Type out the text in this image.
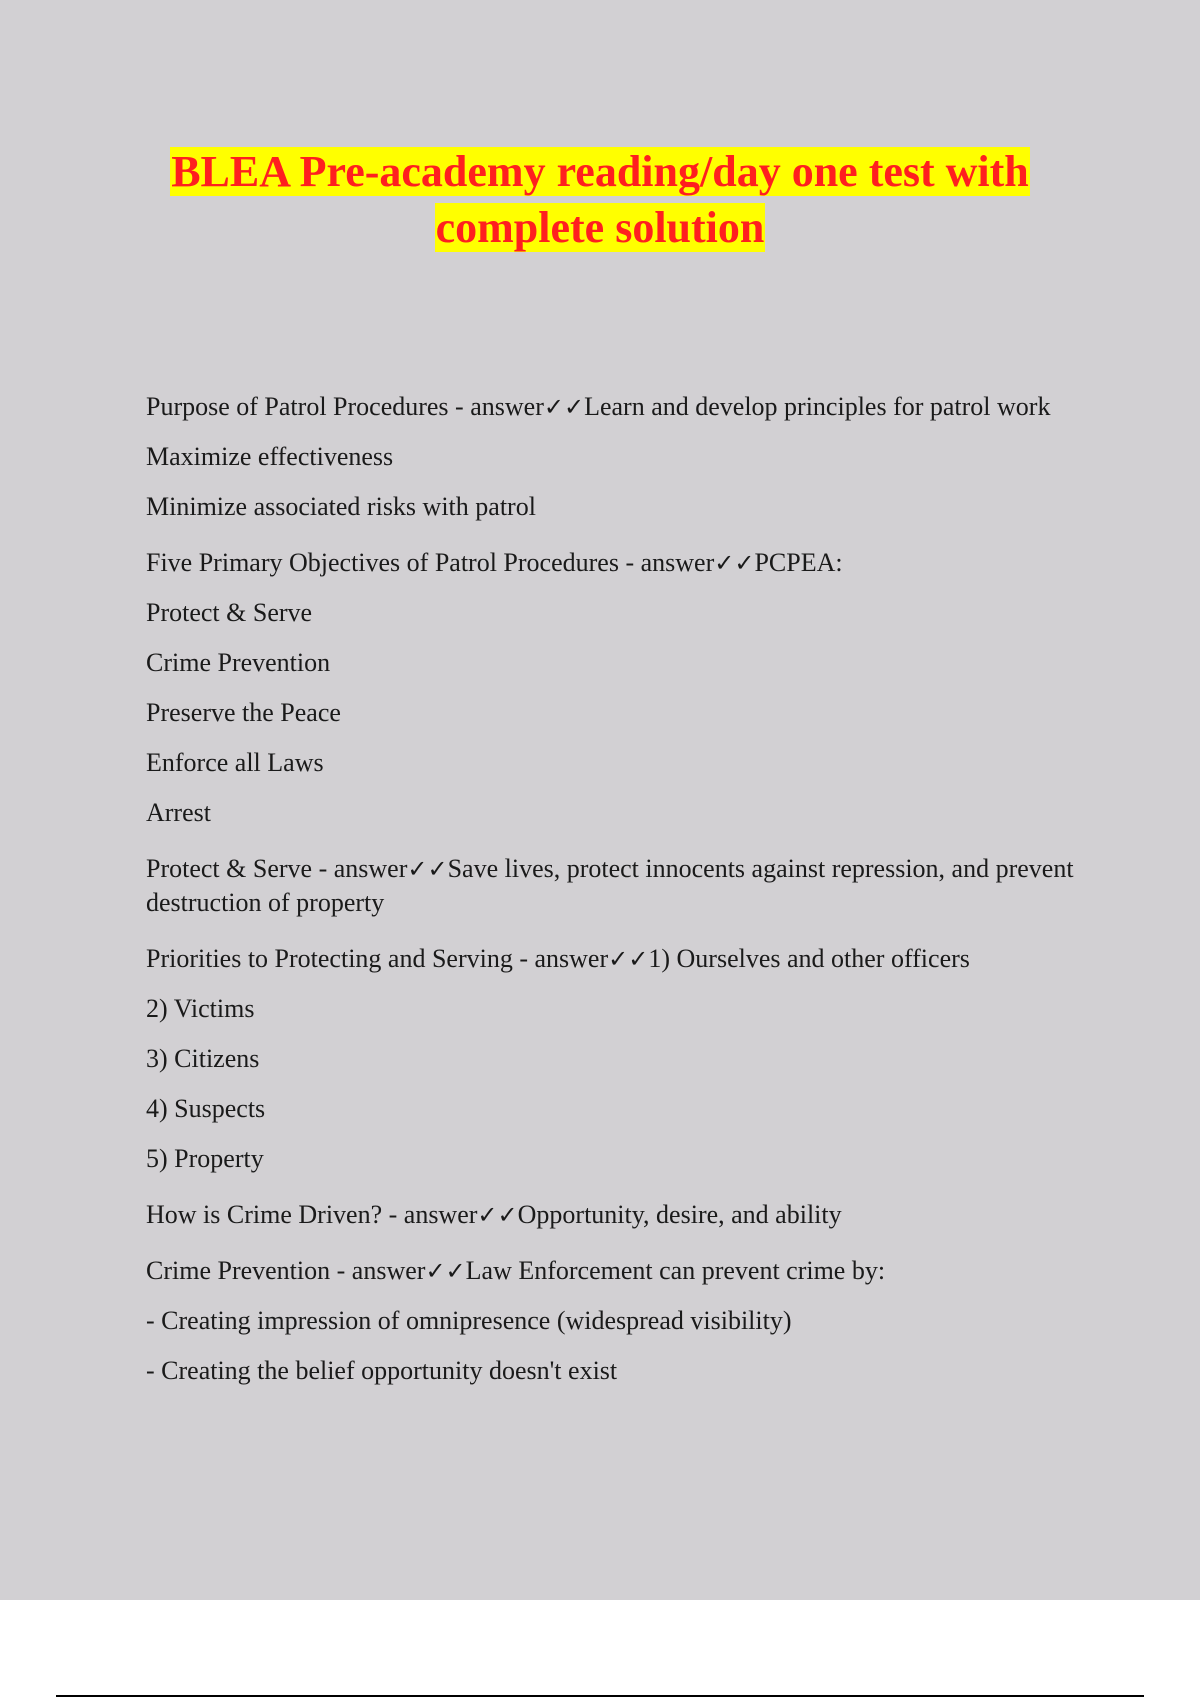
BLEA Pre-academy reading/day one test with
complete solution

Purpose of Patrol Procedures - answer✓✓Learn and develop principles for patrol work

Maximize effectiveness

Minimize associated risks with patrol

Five Primary Objectives of Patrol Procedures - answer✓✓PCPEA:

Protect & Serve

Crime Prevention

Preserve the Peace

Enforce all Laws

Arrest

Protect & Serve - answer✓✓Save lives, protect innocents against repression, and prevent destruction of property

Priorities to Protecting and Serving - answer✓✓1) Ourselves and other officers

2) Victims

3) Citizens

4) Suspects

5) Property

How is Crime Driven? - answer✓✓Opportunity, desire, and ability

Crime Prevention - answer✓✓Law Enforcement can prevent crime by:

- Creating impression of omnipresence (widespread visibility)

- Creating the belief opportunity doesn't exist
